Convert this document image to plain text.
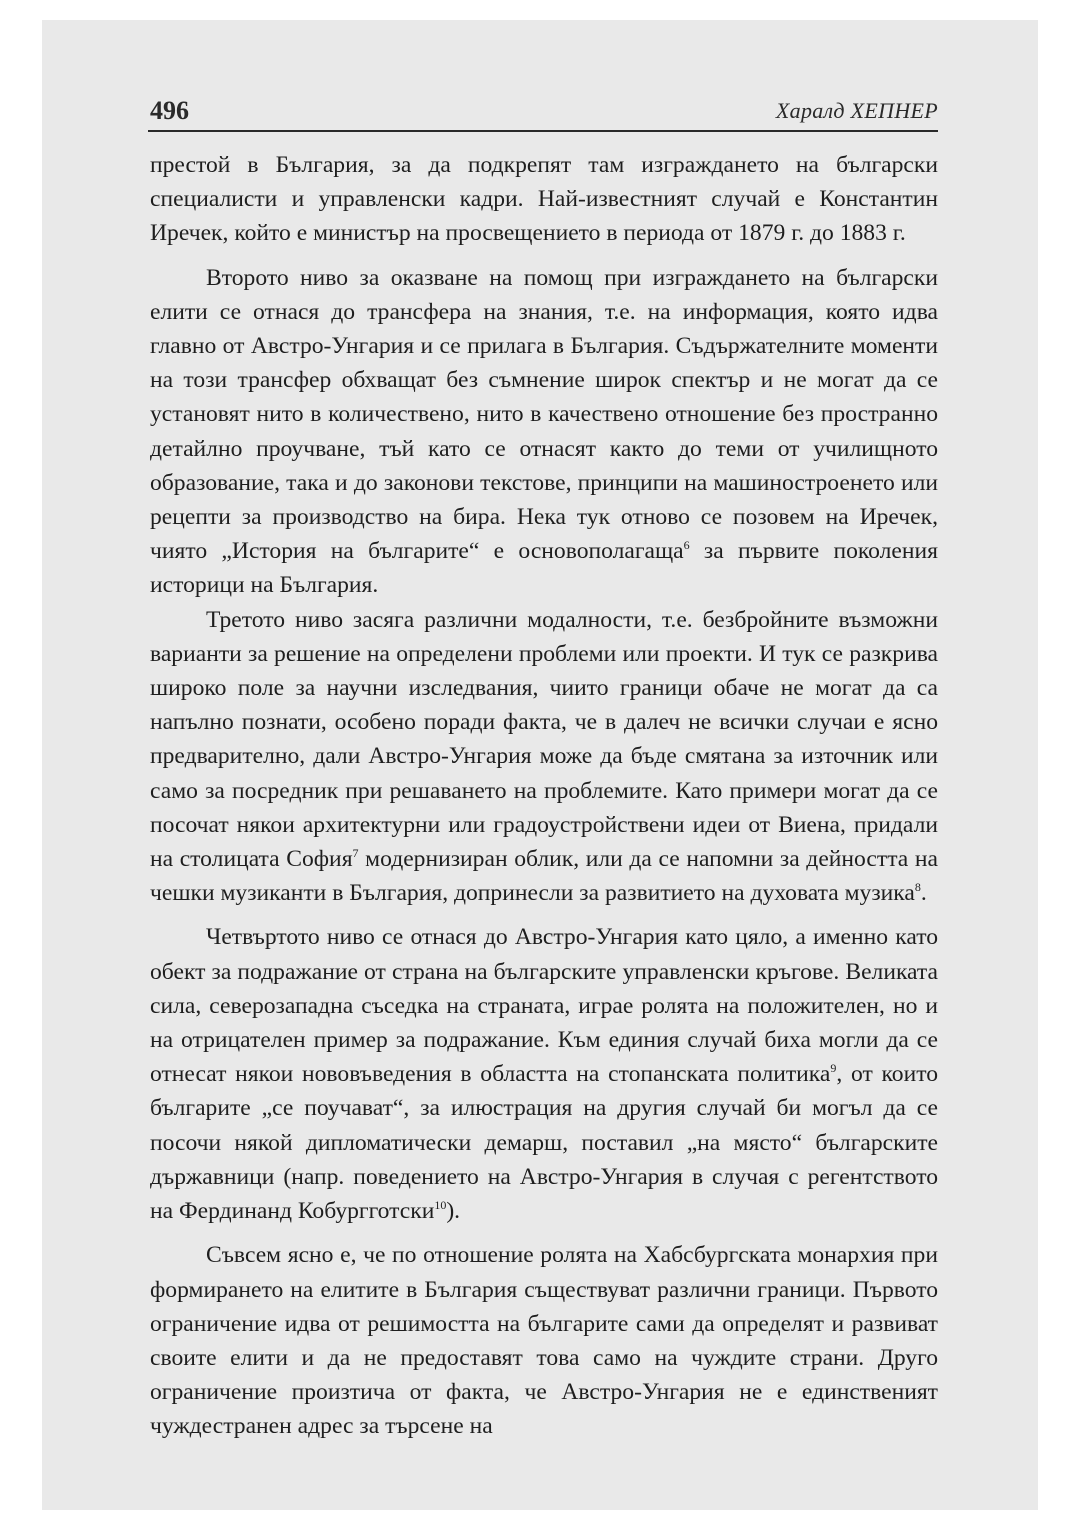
496	Харалд ХЕПНЕР

престой в България, за да подкрепят там изграждането на български специалисти и управленски кадри. Най-известният случай е Константин Иречек, който е министър на просвещението в периода от 1879 г. до 1883 г.

Второто ниво за оказване на помощ при изграждането на български елити се отнася до трансфера на знания, т.е. на информация, която идва главно от Австро-Унгария и се прилага в България. Съдържателните моменти на този трансфер обхващат без съмнение широк спектър и не могат да се установят нито в количествено, нито в качествено отношение без пространно детайлно проучване, тъй като се отнасят както до теми от училищното образование, така и до законови текстове, принципи на машиностроенето или рецепти за производство на бира. Нека тук отново се позовем на Иречек, чиято „История на българите“ е основополагаща$^6$ за първите поколения историци на България.

Третото ниво засяга различни модалности, т.е. безбройните възможни варианти за решение на определени проблеми или проекти. И тук се разкрива широко поле за научни изследвания, чиито граници обаче не могат да са напълно познати, особено поради факта, че в далеч не всички случаи е ясно предварително, дали Австро-Унгария може да бъде смятана за източник или само за посредник при решаването на проблемите. Като примери могат да се посочат някои архитектурни или градоустройствени идеи от Виена, придали на столицата София$^7$ модернизиран облик, или да се напомни за дейността на чешки музиканти в България, допринесли за развитието на духовата музика$^8$.

Четвъртото ниво се отнася до Австро-Унгария като цяло, а именно като обект за подражание от страна на българските управленски кръгове. Великата сила, северозападна съседка на страната, играе ролята на положителен, но и на отрицателен пример за подражание. Към единия случай биха могли да се отнесат някои нововъведения в областта на стопанската политика$^9$, от които българите „се поучават“, за илюстрация на другия случай би могъл да се посочи някой дипломатически демарш, поставил „на място“ българските държавници (напр. поведението на Австро-Унгария в случая с регентството на Фердинанд Кобургготски$^{10}$).

Съвсем ясно е, че по отношение ролята на Хабсбургската монархия при формирането на елитите в България съществуват различни граници. Първото ограничение идва от решимостта на българите сами да определят и развиват своите елити и да не предоставят това само на чуждите страни. Друго ограничение произтича от факта, че Австро-Унгария не е единственият чуждестранен адрес за търсене на
